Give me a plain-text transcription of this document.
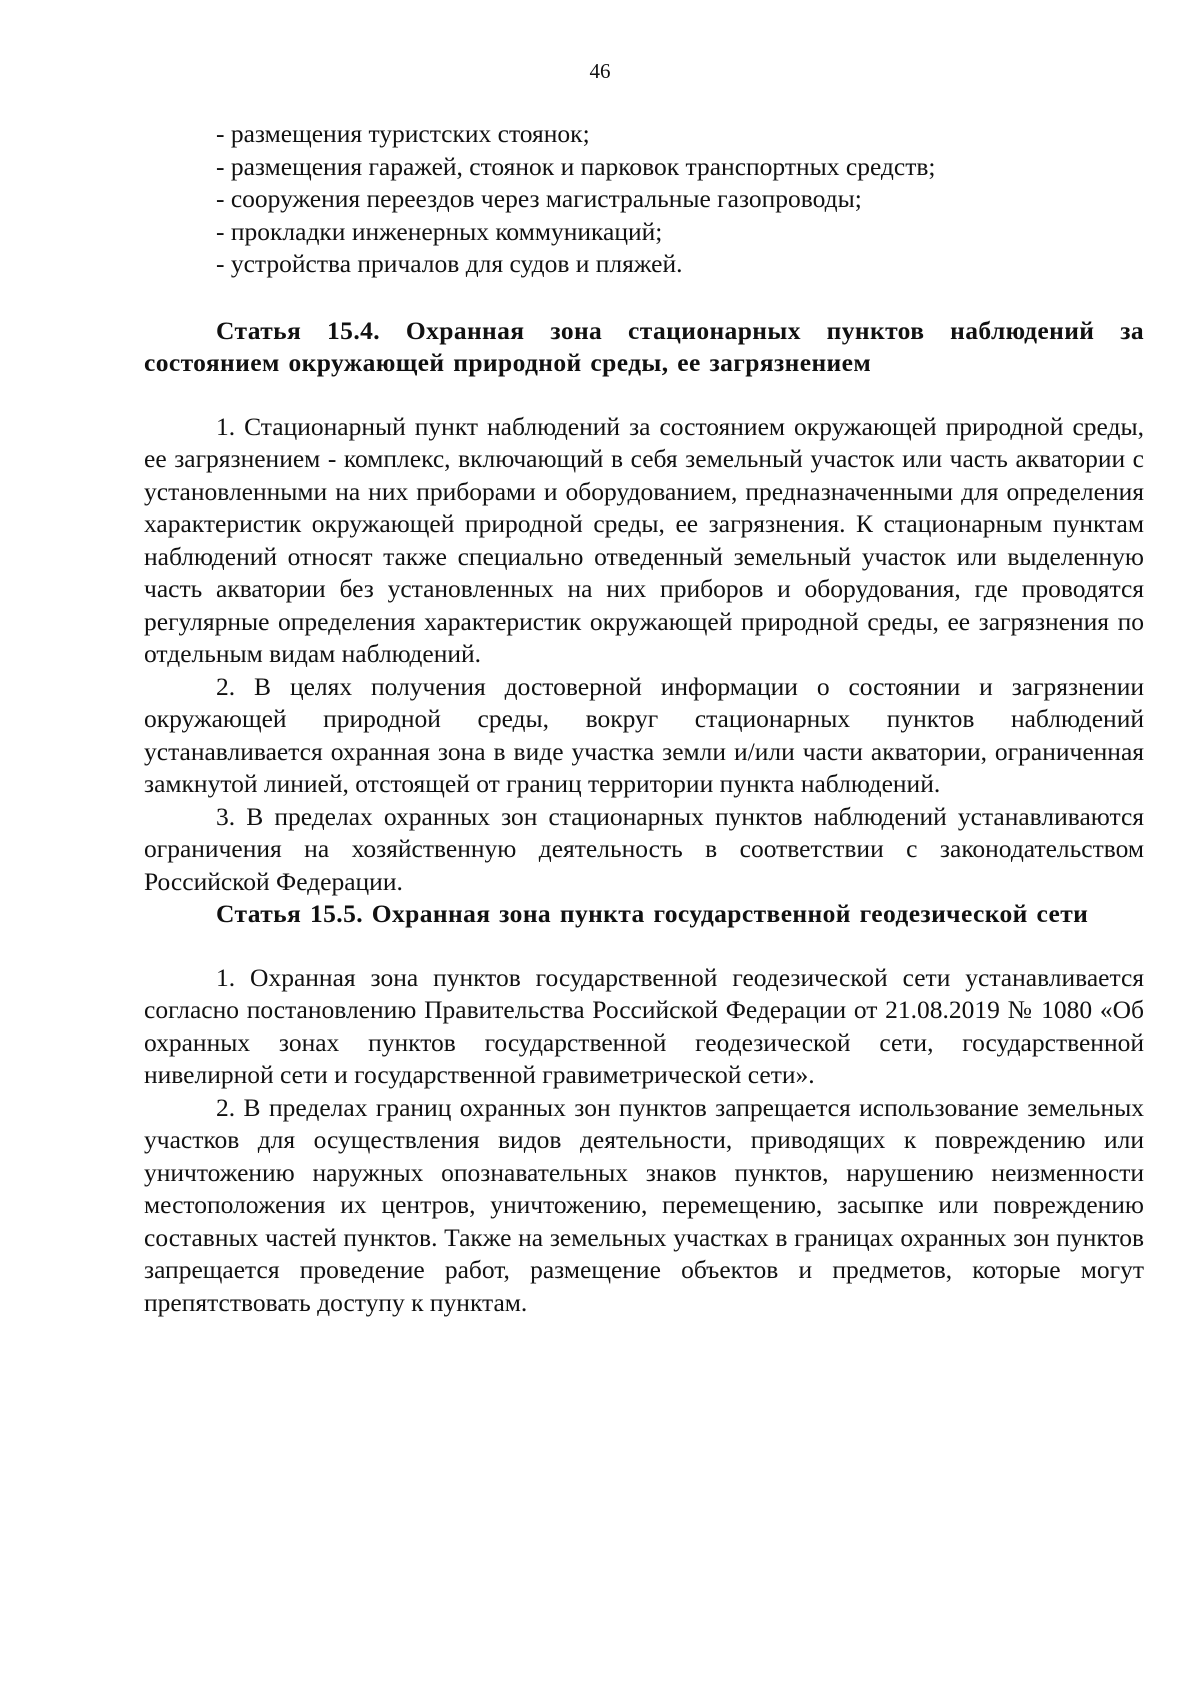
46
- размещения туристских стоянок;
- размещения гаражей, стоянок и парковок транспортных средств;
- сооружения переездов через магистральные газопроводы;
- прокладки инженерных коммуникаций;
- устройства причалов для судов и пляжей.

Статья 15.4. Охранная зона стационарных пунктов наблюдений за состоянием окружающей природной среды, ее загрязнением

1. Стационарный пункт наблюдений за состоянием окружающей природной среды, ее загрязнением - комплекс, включающий в себя земельный участок или часть акватории с установленными на них приборами и оборудованием, предназначенными для определения характеристик окружающей природной среды, ее загрязнения. К стационарным пунктам наблюдений относят также специально отведенный земельный участок или выделенную часть акватории без установленных на них приборов и оборудования, где проводятся регулярные определения характеристик окружающей природной среды, ее загрязнения по отдельным видам наблюдений.

2. В целях получения достоверной информации о состоянии и загрязнении окружающей природной среды, вокруг стационарных пунктов наблюдений устанавливается охранная зона в виде участка земли и/или части акватории, ограниченная замкнутой линией, отстоящей от границ территории пункта наблюдений.

3. В пределах охранных зон стационарных пунктов наблюдений устанавливаются ограничения на хозяйственную деятельность в соответствии с законодательством Российской Федерации.

Статья 15.5. Охранная зона пункта государственной геодезической сети

1. Охранная зона пунктов государственной геодезической сети устанавливается согласно постановлению Правительства Российской Федерации от 21.08.2019 № 1080 «Об охранных зонах пунктов государственной геодезической сети, государственной нивелирной сети и государственной гравиметрической сети».

2. В пределах границ охранных зон пунктов запрещается использование земельных участков для осуществления видов деятельности, приводящих к повреждению или уничтожению наружных опознавательных знаков пунктов, нарушению неизменности местоположения их центров, уничтожению, перемещению, засыпке или повреждению составных частей пунктов. Также на земельных участках в границах охранных зон пунктов запрещается проведение работ, размещение объектов и предметов, которые могут препятствовать доступу к пунктам.
